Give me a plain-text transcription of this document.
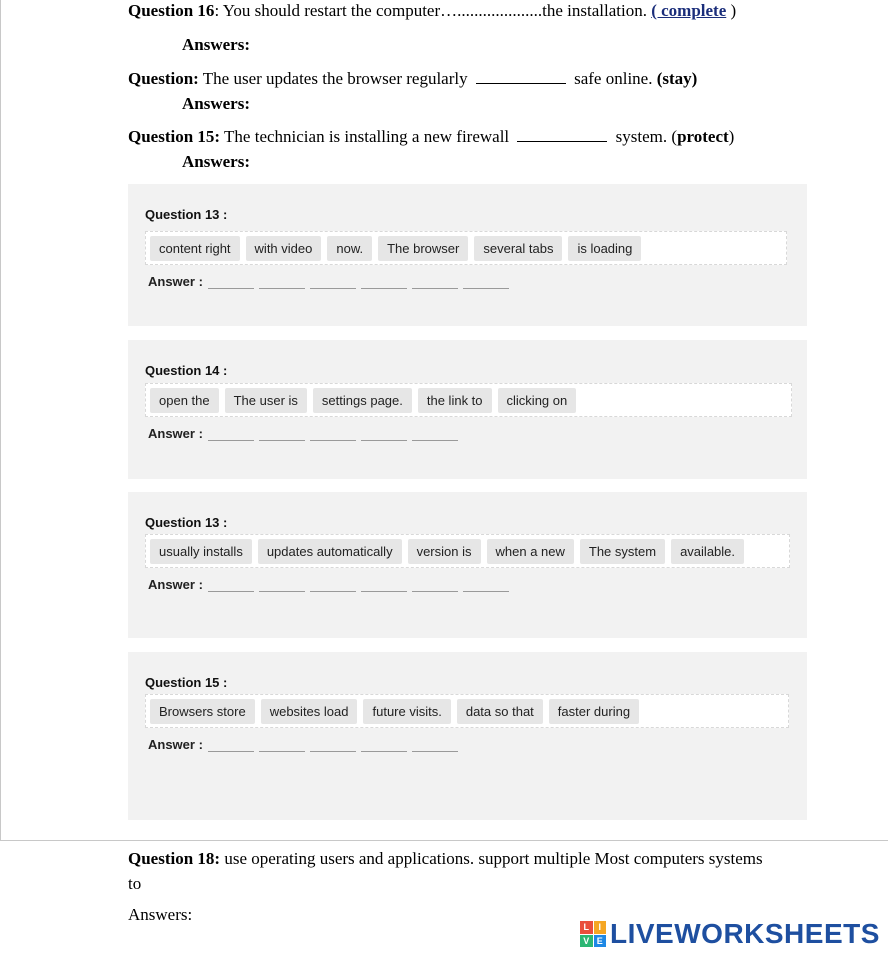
Question 16: You should restart the computer…....................the installation. ( complete )
Answers:
Question: The user updates the browser regularly	safe online. (stay)
Answers:
Question 15: The technician is installing a new firewall	system. (protect)
Answers:
Question 13 :
content right	with video	now.	The browser	several tabs	is loading
Answer :
Question 14 :
open the	The user is	settings page.	the link to	clicking on
Answer :
Question 13 :
usually installs	updates automatically	version is	when a new	The system	available.
Answer :
Question 15 :
Browsers store	websites load	future visits.	data so that	faster during
Answer :
Question 18: use operating users and applications. support multiple Most computers systems to
Answers:
L	I
V E LIVEWORKSHEETS
